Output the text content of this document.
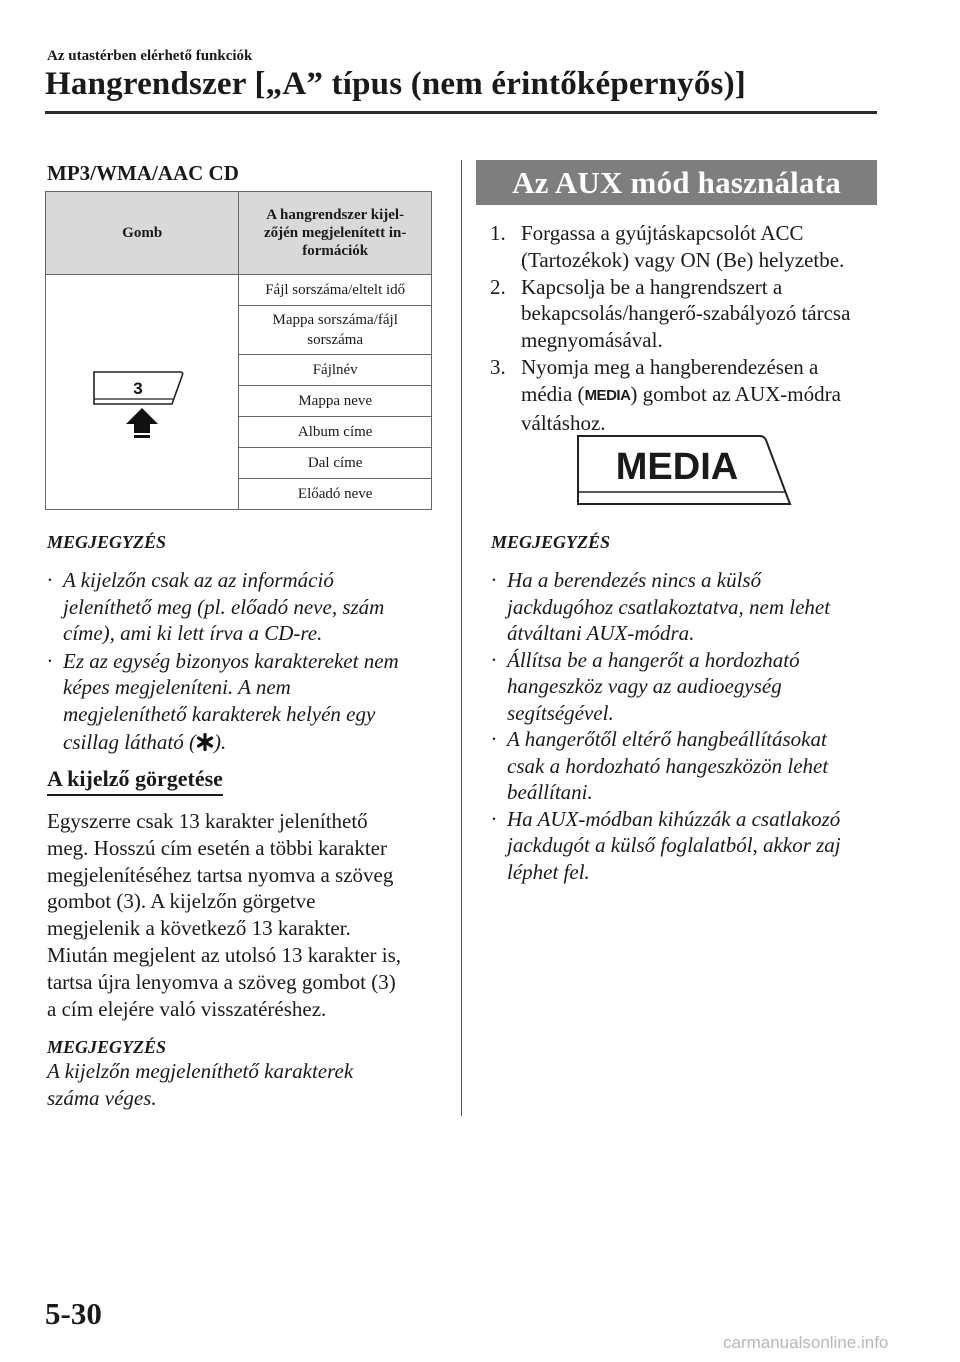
Az utastérben elérhető funkciók
Hangrendszer [„A” típus (nem érintőképernyős)]
MP3/WMA/AAC CD
Gomb	A hangrendszer kijel-
zőjén megjelenített in-
formációk

3	Fájl sorszáma/eltelt idő

	Mappa sorszáma/fájl
sorszáma

	Fájlnév
	Mappa neve
	Album címe
	Dal címe
	Előadó neve
MEGJEGYZÉS
· A kijelzőn csak az az információ
jeleníthető meg (pl. előadó neve, szám
címe), ami ki lett írva a CD-re.
· Ez az egység bizonyos karaktereket nem
képes megjeleníteni. A nem
megjeleníthető karakterek helyén egy
csillag látható ( ).
A kijelző görgetése
Egyszerre csak 13 karakter jeleníthető
meg. Hosszú cím esetén a többi karakter
megjelenítéséhez tartsa nyomva a szöveg
gombot (3). A kijelzőn görgetve
megjelenik a következő 13 karakter.
Miután megjelent az utolsó 13 karakter is,
tartsa újra lenyomva a szöveg gombot (3)
a cím elejére való visszatéréshez.
MEGJEGYZÉS
A kijelzőn megjeleníthető karakterek
száma véges.
Az AUX mód használata
1. Forgassa a gyújtáskapcsolót ACC
(Tartozékok) vagy ON (Be) helyzetbe.
2. Kapcsolja be a hangrendszert a
bekapcsolás/hangerő-szabályozó tárcsa
megnyomásával.
3. Nyomja meg a hangberendezésen a
média (MEDIA) gombot az AUX-módra
váltáshoz.
MEDIA
MEGJEGYZÉS
· Ha a berendezés nincs a külső
jackdugóhoz csatlakoztatva, nem lehet
átváltani AUX-módra.
· Állítsa be a hangerőt a hordozható
hangeszköz vagy az audioegység
segítségével.
· A hangerőtől eltérő hangbeállításokat
csak a hordozható hangeszközön lehet
beállítani.
· Ha AUX-módban kihúzzák a csatlakozó
jackdugót a külső foglalatból, akkor zaj
léphet fel.
5-30
carmanualsonline.info
